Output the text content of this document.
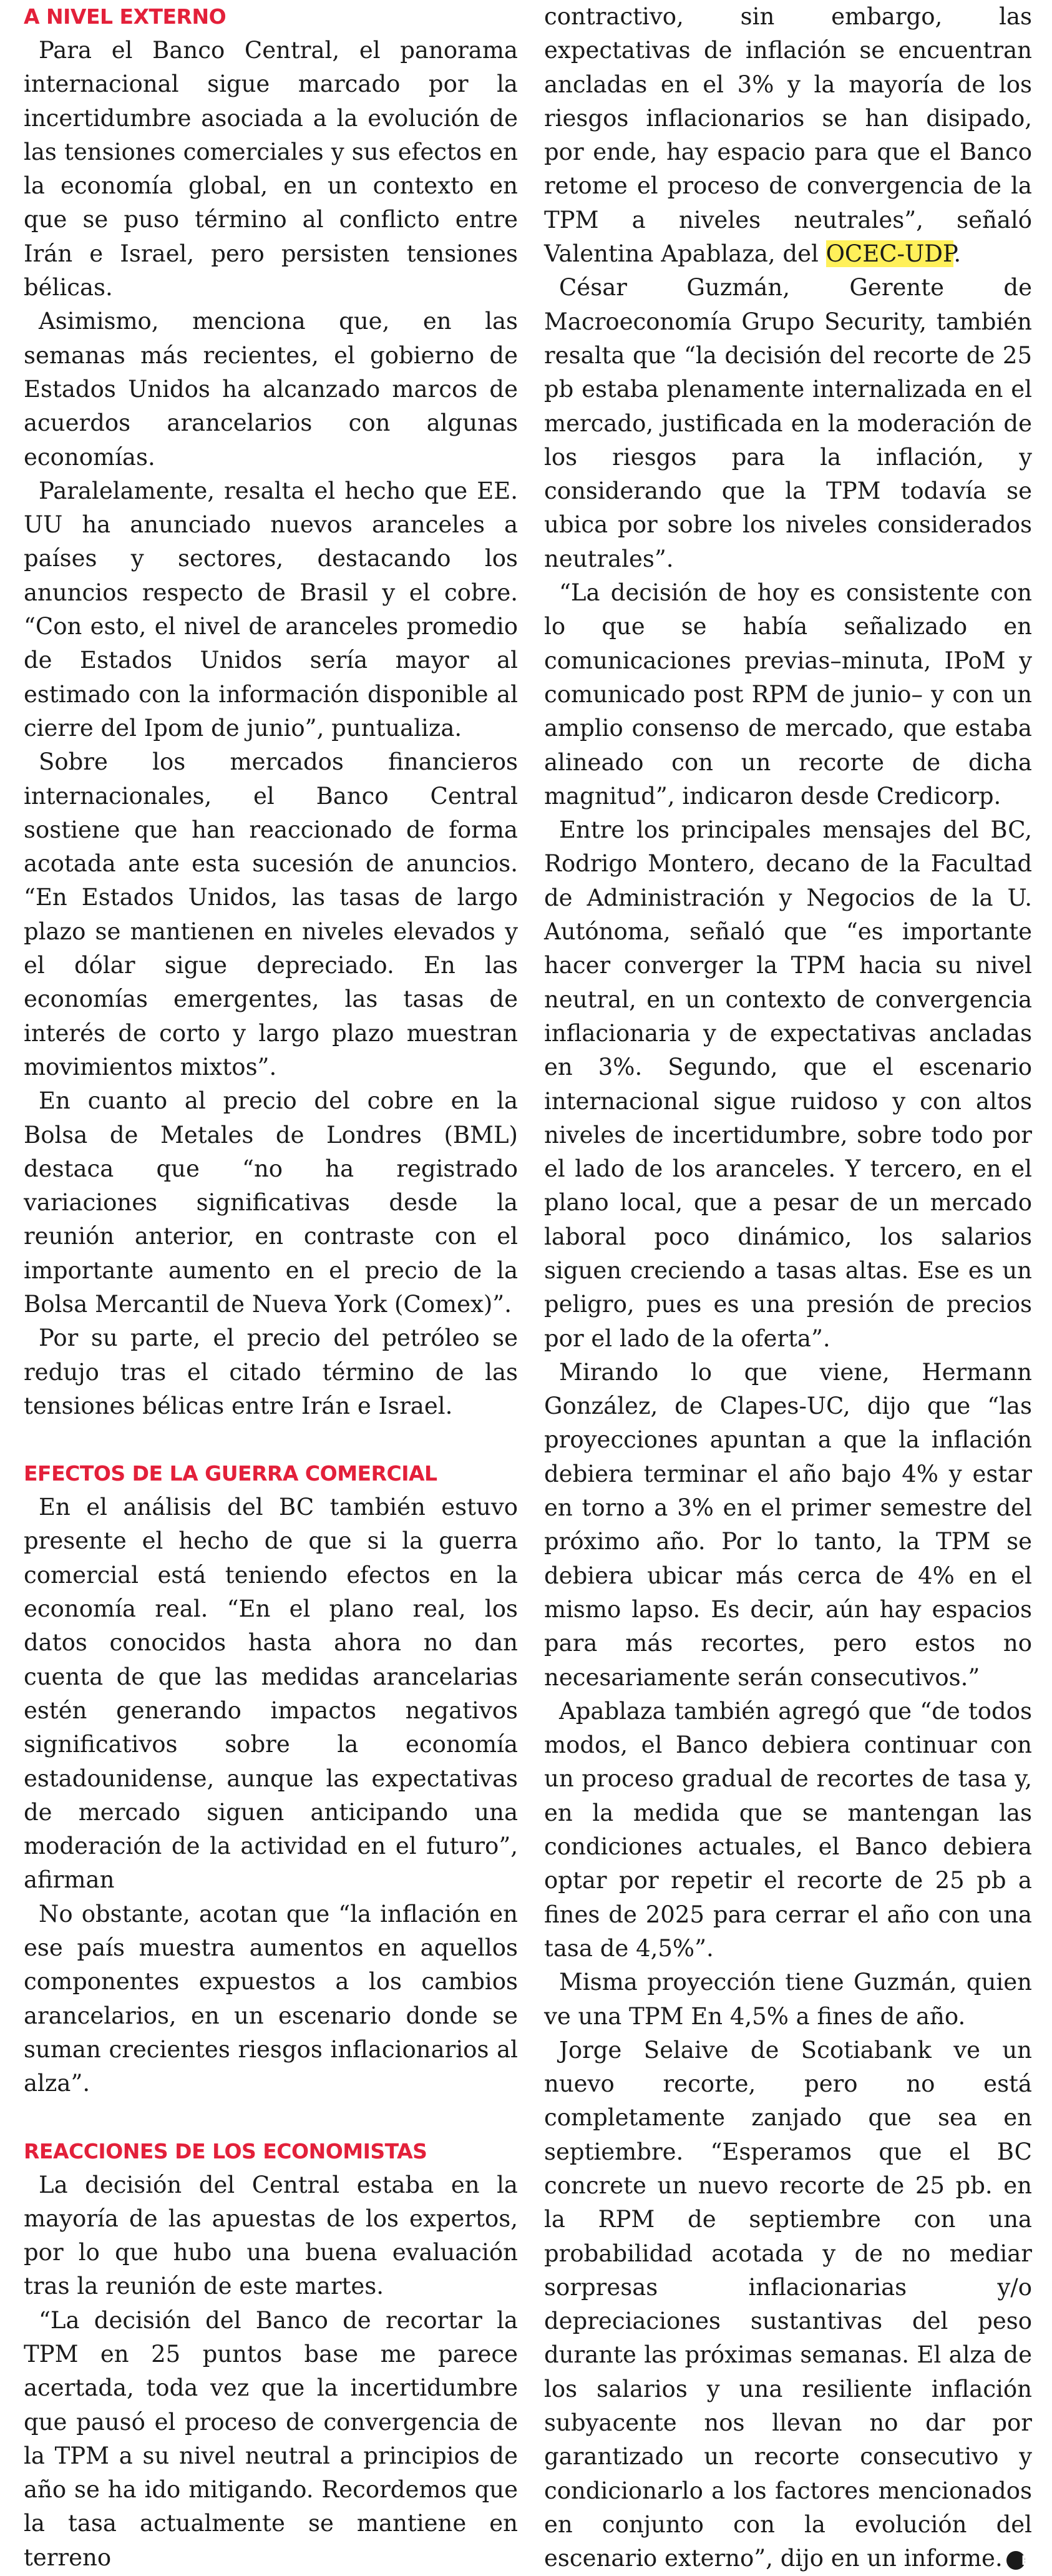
A NIVEL EXTERNO

Para el Banco Central, el panorama internacional sigue marcado por la incertidumbre asociada a la evolución de las tensiones comerciales y sus efectos en la economía global, en un contexto en que se puso término al conflicto entre Irán e Israel, pero persisten tensiones bélicas.

Asimismo, menciona que, en las semanas más recientes, el gobierno de Estados Unidos ha alcanzado marcos de acuerdos arancelarios con algunas economías.

Paralelamente, resalta el hecho que EE. UU ha anunciado nuevos aranceles a países y sectores, destacando los anuncios respecto de Brasil y el cobre. “Con esto, el nivel de aranceles promedio de Estados Unidos sería mayor al estimado con la información disponible al cierre del Ipom de junio”, puntualiza.

Sobre los mercados financieros internacionales, el Banco Central sostiene que han reaccionado de forma acotada ante esta sucesión de anuncios. “En Estados Unidos, las tasas de largo plazo se mantienen en niveles elevados y el dólar sigue depreciado. En las economías emergentes, las tasas de interés de corto y largo plazo muestran movimientos mixtos”.

En cuanto al precio del cobre en la Bolsa de Metales de Londres (BML) destaca que “no ha registrado variaciones significativas desde la reunión anterior, en contraste con el importante aumento en el precio de la Bolsa Mercantil de Nueva York (Comex)”.

Por su parte, el precio del petróleo se redujo tras el citado término de las tensiones bélicas entre Irán e Israel.

EFECTOS DE LA GUERRA COMERCIAL

En el análisis del BC también estuvo presente el hecho de que si la guerra comercial está teniendo efectos en la economía real. “En el plano real, los datos conocidos hasta ahora no dan cuenta de que las medidas arancelarias estén generando impactos negativos significativos sobre la economía estadounidense, aunque las expectativas de mercado siguen anticipando una moderación de la actividad en el futuro”, afirman

No obstante, acotan que “la inflación en ese país muestra aumentos en aquellos componentes expuestos a los cambios arancelarios, en un escenario donde se suman crecientes riesgos inflacionarios al alza”.

REACCIONES DE LOS ECONOMISTAS

La decisión del Central estaba en la mayoría de las apuestas de los expertos, por lo que hubo una buena evaluación tras la reunión de este martes.

“La decisión del Banco de recortar la TPM en 25 puntos base me parece acertada, toda vez que la incertidumbre que pausó el proceso de convergencia de la TPM a su nivel neutral a principios de año se ha ido mitigando. Recordemos que la tasa actualmente se mantiene en terreno

contractivo, sin embargo, las expectativas de inflación se encuentran ancladas en el 3% y la mayoría de los riesgos inflacionarios se han disipado, por ende, hay espacio para que el Banco retome el proceso de convergencia de la TPM a niveles neutrales”, señaló Valentina Apablaza, del OCEC-UDP.

César Guzmán, Gerente de Macroeconomía Grupo Security, también resalta que “la decisión del recorte de 25 pb estaba plenamente internalizada en el mercado, justificada en la moderación de los riesgos para la inflación, y considerando que la TPM todavía se ubica por sobre los niveles considerados neutrales”.

“La decisión de hoy es consistente con lo que se había señalizado en comunicaciones previas–minuta, IPoM y comunicado post RPM de junio– y con un amplio consenso de mercado, que estaba alineado con un recorte de dicha magnitud”, indicaron desde Credicorp.

Entre los principales mensajes del BC, Rodrigo Montero, decano de la Facultad de Administración y Negocios de la U. Autónoma, señaló que “es importante hacer converger la TPM hacia su nivel neutral, en un contexto de convergencia inflacionaria y de expectativas ancladas en 3%. Segundo, que el escenario internacional sigue ruidoso y con altos niveles de incertidumbre, sobre todo por el lado de los aranceles. Y tercero, en el plano local, que a pesar de un mercado laboral poco dinámico, los salarios siguen creciendo a tasas altas. Ese es un peligro, pues es una presión de precios por el lado de la oferta”.

Mirando lo que viene, Hermann González, de Clapes-UC, dijo que “las proyecciones apuntan a que la inflación debiera terminar el año bajo 4% y estar en torno a 3% en el primer semestre del próximo año. Por lo tanto, la TPM se debiera ubicar más cerca de 4% en el mismo lapso. Es decir, aún hay espacios para más recortes, pero estos no necesariamente serán consecutivos.”

Apablaza también agregó que “de todos modos, el Banco debiera continuar con un proceso gradual de recortes de tasa y, en la medida que se mantengan las condiciones actuales, el Banco debiera optar por repetir el recorte de 25 pb a fines de 2025 para cerrar el año con una tasa de 4,5%”.

Misma proyección tiene Guzmán, quien ve una TPM En 4,5% a fines de año.

Jorge Selaive de Scotiabank ve un nuevo recorte, pero no está completamente zanjado que sea en septiembre. “Esperamos que el BC concrete un nuevo recorte de 25 pb. en la RPM de septiembre con una probabilidad acotada y de no mediar sorpresas inflacionarias y/o depreciaciones sustantivas del peso durante las próximas semanas. El alza de los salarios y una resiliente inflación subyacente nos llevan no dar por garantizado un recorte consecutivo y condicionarlo a los factores mencionados en conjunto con la evolución del escenario externo”, dijo en un informe. P
